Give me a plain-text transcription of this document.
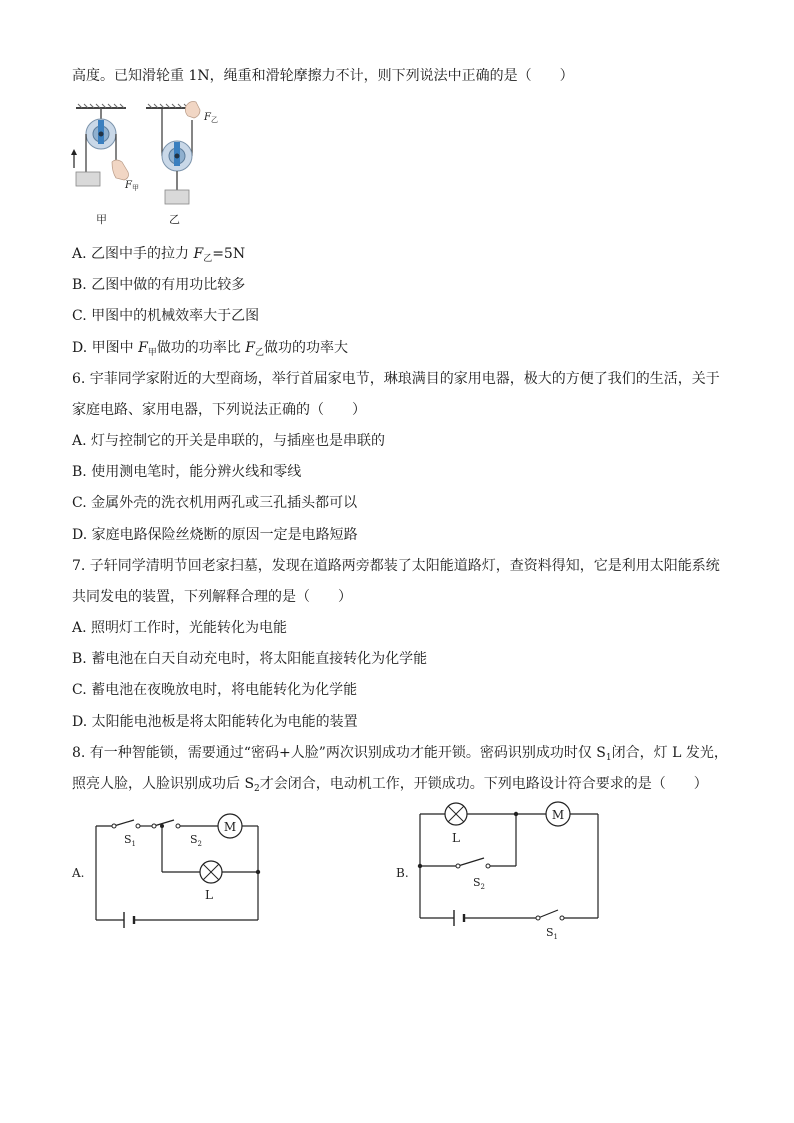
高度。已知滑轮重 1N，绳重和滑轮摩擦力不计，则下列说法中正确的是（　　）
$F_甲$
甲
$F_乙$
乙
A. 乙图中手的拉力 $F_乙=5N$
B. 乙图中做的有用功比较多
C. 甲图中的机械效率大于乙图
D. 甲图中 $F_甲$做功的功率比 $F_乙$做功的功率大
6. 宇菲同学家附近的大型商场，举行首届家电节，琳琅满目的家用电器，极大的方便了我们的生活，关于
家庭电路、家用电器，下列说法正确的（　　）
A. 灯与控制它的开关是串联的，与插座也是串联的
B. 使用测电笔时，能分辨火线和零线
C. 金属外壳的洗衣机用两孔或三孔插头都可以
D. 家庭电路保险丝烧断的原因一定是电路短路
7. 子轩同学清明节回老家扫墓，发现在道路两旁都装了太阳能道路灯，查资料得知，它是利用太阳能系统
共同发电的装置，下列解释合理的是（　　）
A. 照明灯工作时，光能转化为电能
B. 蓄电池在白天自动充电时，将太阳能直接转化为化学能
C. 蓄电池在夜晚放电时，将电能转化为化学能
D. 太阳能电池板是将太阳能转化为电能的装置
8. 有一种智能锁，需要通过“密码+人脸”两次识别成功才能开锁。密码识别成功时仅 $S_1$闭合，灯 L 发光，
照亮人脸，人脸识别成功后 $S_2$才会闭合，电动机工作，开锁成功。下列电路设计符合要求的是（　　）
M
L
$S_1$	$S_2$
A.
L
M
$S_2$
$S_1$
B.
